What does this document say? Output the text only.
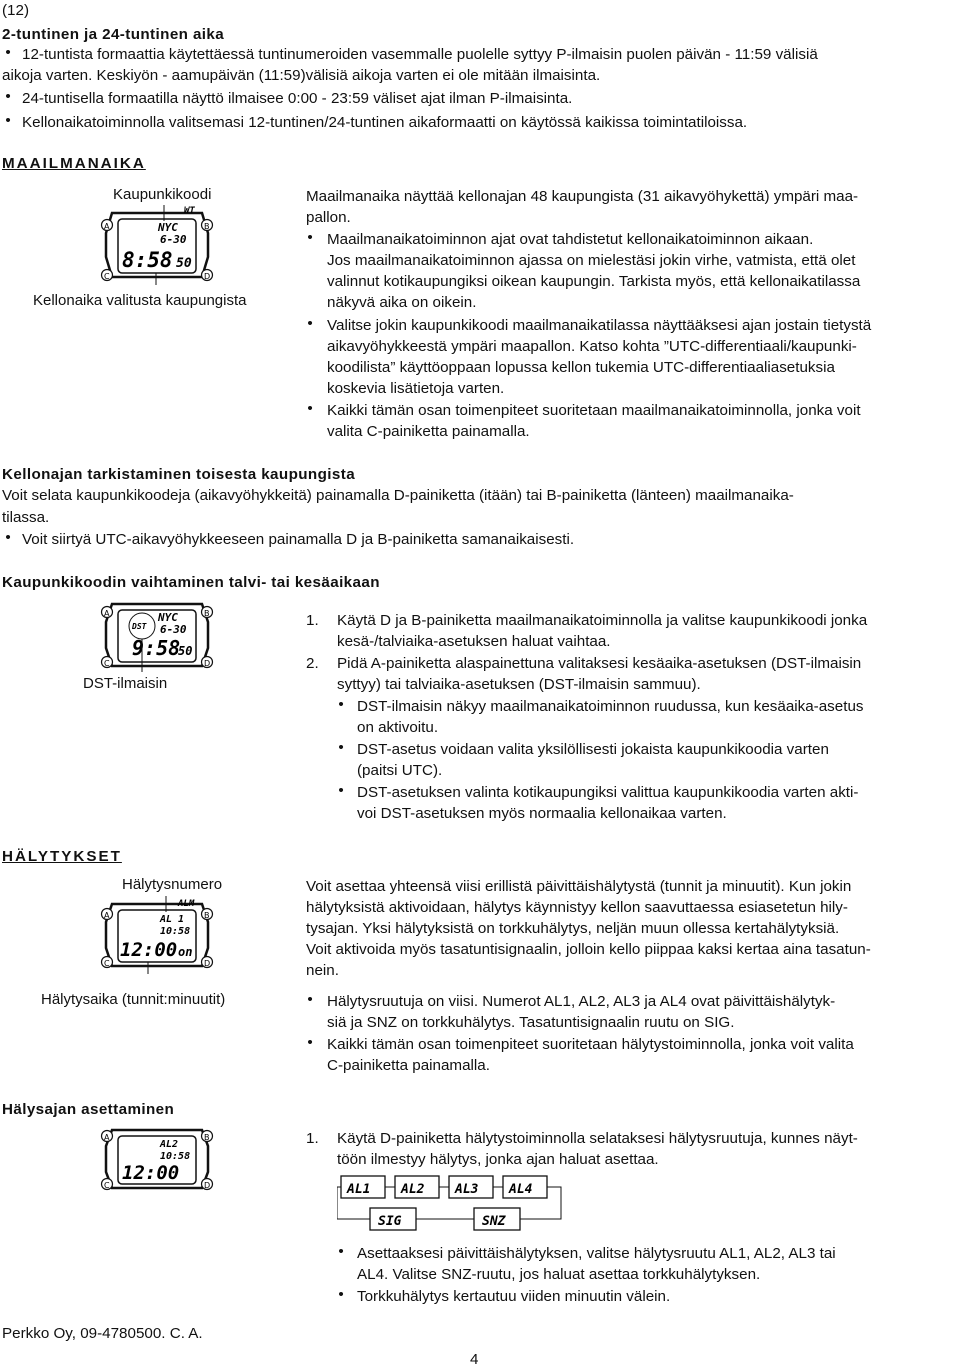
(12)
2-tuntinen ja 24-tuntinen aika
• 12-tuntista formaattia käytettäessä tuntinumeroiden vasemmalle puolelle syttyy P-ilmaisin puolen päivän - 11:59 välisiä
aikoja varten. Keskiyön - aamupäivän (11:59)välisiä aikoja varten ei ole mitään ilmaisinta.
• 24-tuntisella formaatilla näyttö ilmaisee 0:00 - 23:59 väliset ajat ilman P-ilmaisinta.
• Kellonaikatoiminnolla valitsemasi 12-tuntinen/24-tuntinen aikaformaatti on käytössä kaikissa toimintatiloissa.
MAAILMANAIKA
Kaupunkikoodi
A	B
C	D
NYC
6-30
8:58 50
WT
Kellonaika valitusta kaupungista
Maailmanaika näyttää kellonajan 48 kaupungista (31 aikavyöhykettä) ympäri maa-
pallon.
• Maailmanaikatoiminnon ajat ovat tahdistetut kellonaikatoiminnon aikaan.
Jos maailmanaikatoiminnon ajassa on mielestäsi jokin virhe, vatmista, että olet
valinnut kotikaupungiksi oikean kaupungin. Tarkista myös, että kellonaikatilassa
näkyvä aika on oikein.
• Valitse jokin kaupunkikoodi maailmanaikatilassa näyttääksesi ajan jostain tietystä
aikavyöhykkeestä ympäri maapallon. Katso kohta ”UTC-differentiaali/kaupunki-
koodilista” käyttöoppaan lopussa kellon tukemia UTC-differentiaaliasetuksia
koskevia lisätietoja varten.
• Kaikki tämän osan toimenpiteet suoritetaan maailmanaikatoiminnolla, jonka voit
valita C-painiketta painamalla.
Kellonajan tarkistaminen toisesta kaupungista
Voit selata kaupunkikoodeja (aikavyöhykkeitä) painamalla D-painiketta (itään) tai B-painiketta (länteen) maailmanaika-
tilassa.
• Voit siirtyä UTC-aikavyöhykkeeseen painamalla D ja B-painiketta samanaikaisesti.
Kaupunkikoodin vaihtaminen talvi- tai kesäaikaan
A	B
C	D
DST
NYC
6-30
9:58
50
DST-ilmaisin
1. Käytä D ja B-painiketta maailmanaikatoiminnolla ja valitse kaupunkikoodi jonka
kesä-/talviaika-asetuksen haluat vaihtaa.
2. Pidä A-painiketta alaspainettuna valitaksesi kesäaika-asetuksen (DST-ilmaisin
syttyy) tai talviaika-asetuksen (DST-ilmaisin sammuu).
• DST-ilmaisin näkyy maailmanaikatoiminnon ruudussa, kun kesäaika-asetus
on aktivoitu.
• DST-asetus voidaan valita yksilöllisesti jokaista kaupunkikoodia varten
(paitsi UTC).
• DST-asetuksen valinta kotikaupungiksi valittua kaupunkikoodia varten akti-
voi DST-asetuksen myös normaalia kellonaikaa varten.
HÄLYTYKSET
Hälytysnumero
A	B
C	D
ALM
AL 1
10:58
12:00 on
Hälytysaika (tunnit:minuutit)
Voit asettaa yhteensä viisi erillistä päivittäishälytystä (tunnit ja minuutit). Kun jokin
hälytyksistä aktivoidaan, hälytys käynnistyy kellon saavuttaessa esiasetetun hily-
tysajan. Yksi hälytyksistä on torkkuhälytys, neljän muun ollessa kertahälytyksiä.
Voit aktivoida myös tasatuntisignaalin, jolloin kello piippaa kaksi kertaa aina tasatun-
nein.
• Hälytysruutuja on viisi. Numerot AL1, AL2, AL3 ja AL4 ovat päivittäishälytyk-
siä ja SNZ on torkkuhälytys. Tasatuntisignaalin ruutu on SIG.
• Kaikki tämän osan toimenpiteet suoritetaan hälytystoiminnolla, jonka voit valita
C-painiketta painamalla.
Hälysajan asettaminen
A	B
C	D
AL2
10:58
12:00
1. Käytä D-painiketta hälytystoiminnolla selataksesi hälytysruutuja, kunnes näyt-
töön ilmestyy hälytys, jonka ajan haluat asettaa.
AL1 AL2 AL3 AL4
SIG	SNZ
• Asettaaksesi päivittäishälytyksen, valitse hälytysruutu AL1, AL2, AL3 tai
AL4. Valitse SNZ-ruutu, jos haluat asettaa torkkuhälytyksen.
• Torkkuhälytys kertautuu viiden minuutin välein.
Perkko Oy, 09-4780500. C. A.
4
